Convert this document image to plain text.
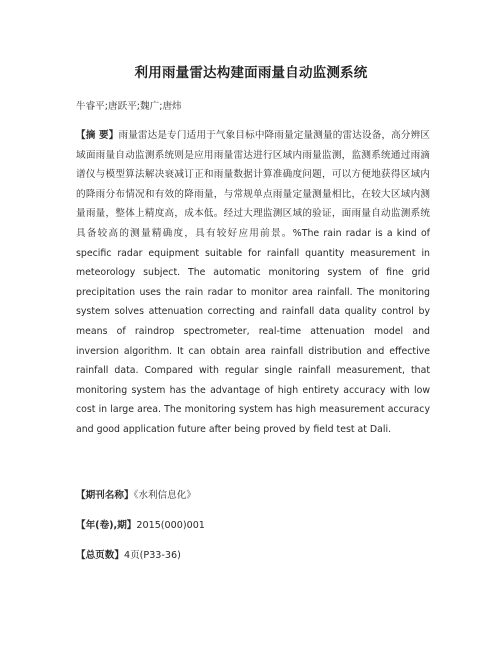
利用雨量雷达构建面雨量自动监测系统
牛睿平;唐跃平;魏广;唐炜
【摘 要】雨量雷达是专门适用于气象目标中降雨量定量测量的雷达设备，高分辨区域面雨量自动监测系统则是应用雨量雷达进行区域内雨量监测，监测系统通过雨滴谱仪与模型算法解决衰减订正和雨量数据计算准确度问题，可以方便地获得区域内的降雨分布情况和有效的降雨量，与常规单点雨量定量测量相比，在较大区域内测量雨量，整体上精度高，成本低。经过大理监测区域的验证，面雨量自动监测系统具备较高的测量精确度，具有较好应用前景。%The rain radar is a kind of specific radar equipment suitable for rainfall quantity measurement in meteorology subject. The automatic monitoring system of fine grid precipitation uses the rain radar to monitor area rainfall. The monitoring system solves attenuation correcting and rainfall data quality control by means of raindrop spectrometer, real-time attenuation model and inversion algorithm. It can obtain area rainfall distribution and effective rainfall data. Compared with regular single rainfall measurement, that monitoring system has the advantage of high entirety accuracy with low cost in large area. The monitoring system has high measurement accuracy and good application future after being proved by field test at Dali.
【期刊名称】《水利信息化》
【年(卷),期】2015(000)001
【总页数】4页(P33-36)
